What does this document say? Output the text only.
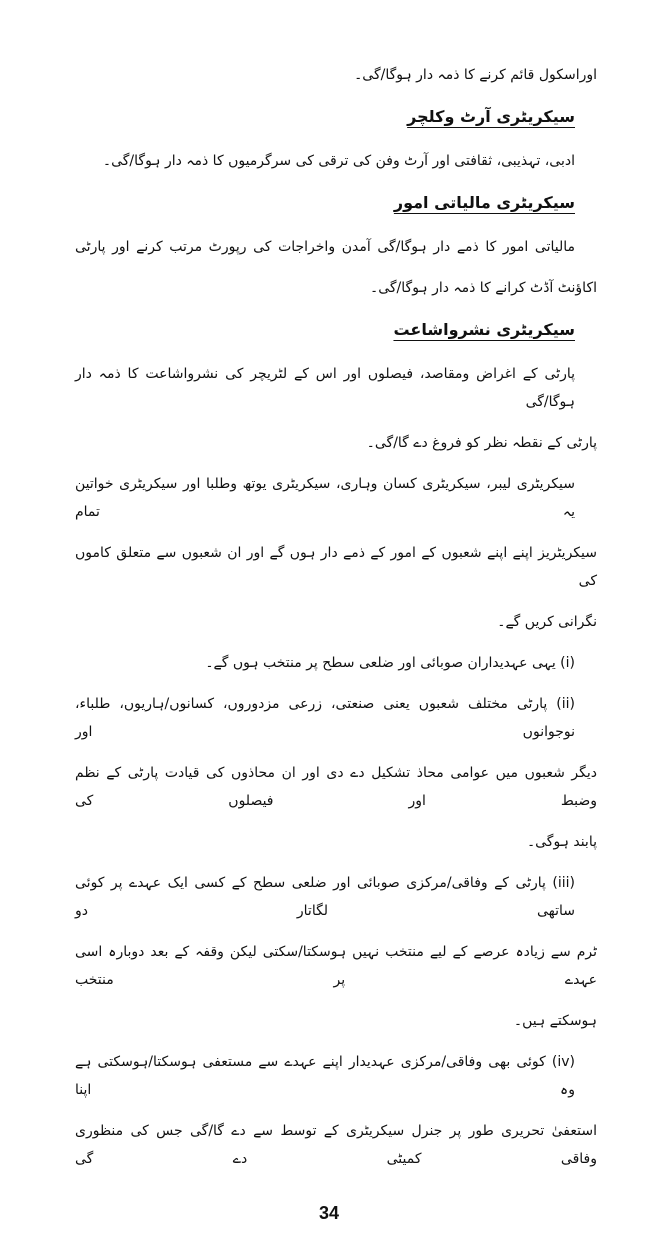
اوراسکول قائم کرنے کا ذمہ دار ہوگا/گی۔
سیکریٹری آرٹ وکلچر
ادبی، تہذیبی، ثقافتی اور آرٹ وفن کی ترقی کی سرگرمیوں کا ذمہ دار ہوگا/گی۔
سیکریٹری مالیاتی امور
مالیاتی امور کا ذمے دار ہوگا/گی آمدن واخراجات کی رپورٹ مرتب کرنے اور پارٹی
اکاؤنٹ آڈٹ کرانے کا ذمہ دار ہوگا/گی۔
سیکریٹری نشرواشاعت
پارٹی کے اغراض ومقاصد، فیصلوں اور اس کے لٹریچر کی نشرواشاعت کا ذمہ دار ہوگا/گی
پارٹی کے نقطہ نظر کو فروغ دے گا/گی۔
سیکریٹری لیبر، سیکریٹری کسان وہاری، سیکریٹری یوتھ وطلبا اور سیکریٹری خواتین یہ تمام
سیکریٹریز اپنے اپنے شعبوں کے امور کے ذمے دار ہوں گے اور ان شعبوں سے متعلق کاموں کی
نگرانی کریں گے۔
(i) یہی عہدیداران صوبائی اور ضلعی سطح پر منتخب ہوں گے۔
(ii) پارٹی مختلف شعبوں یعنی صنعتی، زرعی مزدوروں، کسانوں/ہاریوں، طلباء، نوجوانوں اور
دیگر شعبوں میں عوامی محاذ تشکیل دے دی اور ان محاذوں کی قیادت پارٹی کے نظم وضبط اور فیصلوں کی
پابند ہوگی۔
(iii) پارٹی کے وفاقی/مرکزی صوبائی اور ضلعی سطح کے کسی ایک عہدے پر کوئی ساتھی لگاتار دو
ٹرم سے زیادہ عرصے کے لیے منتخب نہیں ہوسکتا/سکتی لیکن وقفہ کے بعد دوبارہ اسی عہدے پر منتخب
ہوسکتے ہیں۔
(iv) کوئی بھی وفاقی/مرکزی عہدیدار اپنے عہدے سے مستعفی ہوسکتا/ہوسکتی ہے وہ اپنا
استعفیٰ تحریری طور پر جنرل سیکریٹری کے توسط سے دے گا/گی جس کی منظوری وفاقی کمیٹی دے گی
34
